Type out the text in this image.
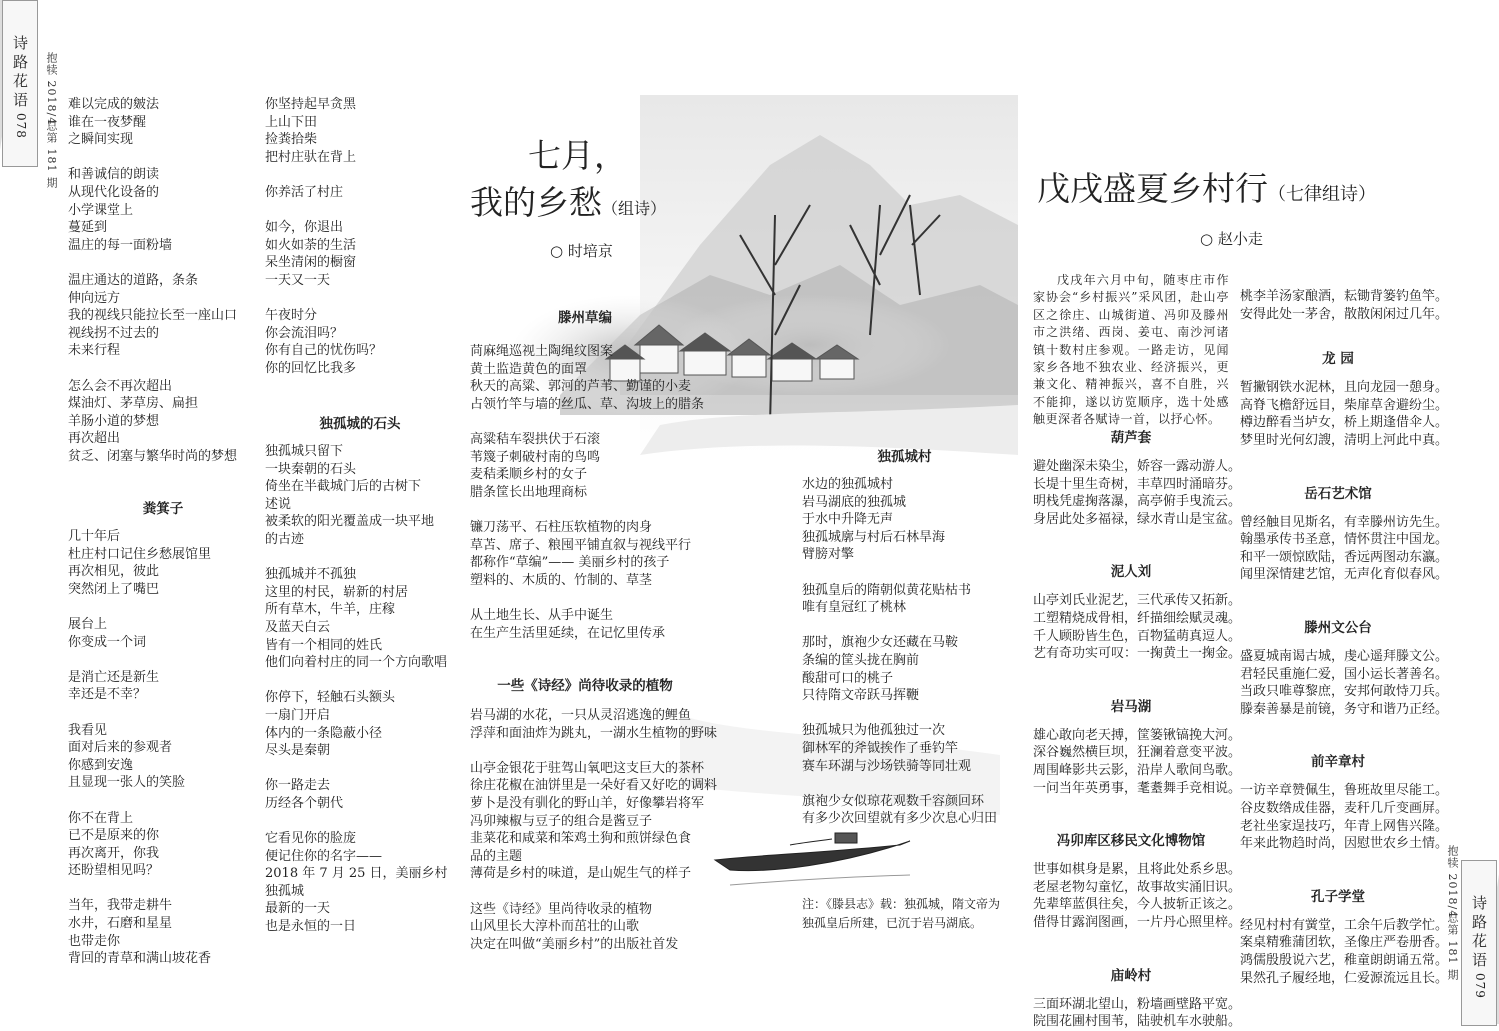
诗路花语
078
抱犊 2018/4
总第 181 期
诗路花语
079
抱犊 2018/4
总第 181 期
七月，
我的乡愁（组诗）
○ 时培京
戊戌盛夏乡村行（七律组诗）
○ 赵小走
难以完成的皴法
谁在一夜梦醒
之瞬间实现

和善诚信的朗读
从现代化设备的
小学课堂上
蔓延到
温庄的每一面粉墙

温庄通达的道路，条条
伸向远方
我的视线只能拉长至一座山口
视线拐不过去的
未来行程

怎么会不再次超出
煤油灯、茅草房、扁担
羊肠小道的梦想
再次超出
贫乏、闭塞与繁华时尚的梦想
粪箕子
几十年后
杜庄村口记住乡愁展馆里
再次相见，彼此
突然闭上了嘴巴

展台上
你变成一个词

是消亡还是新生
幸还是不幸？

我看见
面对后来的参观者
你感到安逸
且显现一张人的笑脸

你不在背上
已不是原来的你
再次离开，你我
还盼望相见吗？

当年，我带走耕牛
水井，石磨和星星
也带走你
背回的青草和满山坡花香
你坚持起早贪黑
上山下田
捡粪拾柴
把村庄驮在背上

你养活了村庄

如今，你退出
如火如荼的生活
呆坐清闲的橱窗
一天又一天

午夜时分
你会流泪吗？
你有自己的忧伤吗？
你的回忆比我多
独孤城的石头
独孤城只留下
一块秦朝的石头
倚坐在半截城门后的古树下
述说
被柔软的阳光覆盖成一块平地
的古迹

独孤城并不孤独
这里的村民，崭新的村居
所有草木，牛羊，庄稼
及蓝天白云
皆有一个相同的姓氏
他们向着村庄的同一个方向歌唱

你停下，轻触石头额头
一扇门开启
体内的一条隐蔽小径
尽头是秦朝

你一路走去
历经各个朝代

它看见你的脸庞
便记住你的名字——
2018 年 7 月 25 日，美丽乡村
独孤城
最新的一天
也是永恒的一日
滕州草编
苘麻绳巡视土陶绳纹图案
黄土监造黄色的面罩
秋天的高粱、郭河的芦苇、勤谨的小麦
占领竹竿与墙的丝瓜、草、沟坡上的腊条

高粱秸车裂拱伏于石滚
苇篾子刺破村南的鸟鸣
麦秸柔顺乡村的女子
腊条筐长出地理商标

镰刀荡平、石柱压软植物的肉身
草苫、席子、粮囤平铺直叙与视线平行
都称作“草编”—— 美丽乡村的孩子
塑料的、木质的、竹制的、草茎

从土地生长、从手中诞生
在生产生活里延续，在记忆里传承
一些《诗经》尚待收录的植物
岩马湖的水花，一只从灵沼逃逸的鲤鱼
浮萍和面油炸为跳丸，一湖水生植物的野味

山亭金银花于驻驾山氧吧这支巨大的茶杯
徐庄花椒在油饼里是一朵好看又好吃的调料
萝卜是没有驯化的野山羊，好像攀岩将军
冯卯辣椒与豆子的组合是酱豆子
韭菜花和咸菜和笨鸡土狗和煎饼绿色食
品的主题
薄荷是乡村的味道，是山妮生气的样子

这些《诗经》里尚待收录的植物
山风里长大淳朴而茁壮的山歌
决定在叫做“美丽乡村”的出版社首发
独孤城村
水边的独孤城村
岩马湖底的独孤城
于水中升降无声
独孤城廓与村后石林旱海
臂膀对擎

独孤皇后的隋朝似黄花贴枯书
唯有皇冠红了桃林

那时，旗袍少女还藏在马鞍
条编的筐头拢在胸前
酸甜可口的桃子
只待隋文帝跃马挥鞭

独孤城只为他孤独过一次
御林军的斧钺挨作了垂钓竿
赛车环湖与沙场铁骑等同壮观

旗袍少女似琼花观数千容颜回环
有多少次回望就有多少次息心归田
注：《滕县志》载：独孤城，隋文帝为独孤皇后所建，已沉于岩马湖底。
戊戌年六月中旬，随枣庄市作家协会“乡村振兴”采风团，赴山亭区之徐庄、山城街道、冯卯及滕州市之洪绪、西岗、姜屯、南沙河诸镇十数村庄参观。一路走访，见闻家乡各地不独农业、经济振兴，更兼文化、精神振兴，喜不自胜，兴不能抑，遂以访览顺序，选十处感触更深者各赋诗一首，以抒心怀。
葫芦套
避处幽深未染尘，娇容一露动游人。
长堤十里生奇树，丰草四时涌暗芬。
明栈凭虚掬落瀑，高亭俯手曳流云。
身居此处多福禄，绿水青山是宝盆。
泥人刘
山亭刘氏业泥艺，三代承传又拓新。
工塑精烧成骨相，纤描细绘赋灵魂。
千人顾盼皆生色，百物猛萌真逗人。
艺有奇功实可叹：一掬黄土一掬金。
岩马湖
雄心敢向老天搏，筐篓锹镐挽大河。
深谷巍然横巨坝，狂澜着意变平波。
周围峰影共云影，沿岸人歌间鸟歌。
一问当年英勇事，耄耋舞手竞相说。
冯卯库区移民文化博物馆
世事如棋身是累，且将此处系乡思。
老屋老物勾童忆，故事故实涌旧识。
先辈筚蓝俱往矣，今人披斩正该之。
借得甘露润图画，一片丹心照里梓。
庙岭村
三面环湖北望山，粉墙画壁路平宽。
院围花圃村围苇，陆驶机车水驶船。
桃李羊汤家酿酒，耘锄背篓钓鱼竿。
安得此处一茅舍，散散闲闲过几年。
龙 园
暂撇钢铁水泥林，且向龙园一憩身。
高脊飞檐舒远目，柴扉草舍避纷尘。
樽边醉看当垆女，桥上期逢借伞人。
梦里时光何幻謏，清明上河此中真。
岳石艺术馆
曾经触目见斯名，有幸滕州访先生。
翰墨承传书圣意，情怀贯注中国龙。
和平一颂惊欧陆，香远两图动东瀛。
闻里深情建艺馆，无声化育似春风。
滕州文公台
盛夏城南谒古城，虔心遥拜滕文公。
君轻民重施仁爱，国小运长著善名。
当政只唯尊黎庶，安邦何敢恃刀兵。
滕秦善暴是前镜，务守和谐乃正经。
前辛章村
一访辛章赞佩生，鲁班故里尽能工。
谷皮数绺成佳器，麦秆几斤变画屏。
老社坐家逞技巧，年青上网售兴隆。
年来此物趋时尚，因慰世农乡土情。
孔子学堂
经见村村有黉堂，工余午后教学忙。
案桌精雅蒲团软，圣像庄严卷册香。
鸿儒殷殷说六艺，稚童朗朗诵五常。
果然孔子履经地，仁爱源流远且长。
